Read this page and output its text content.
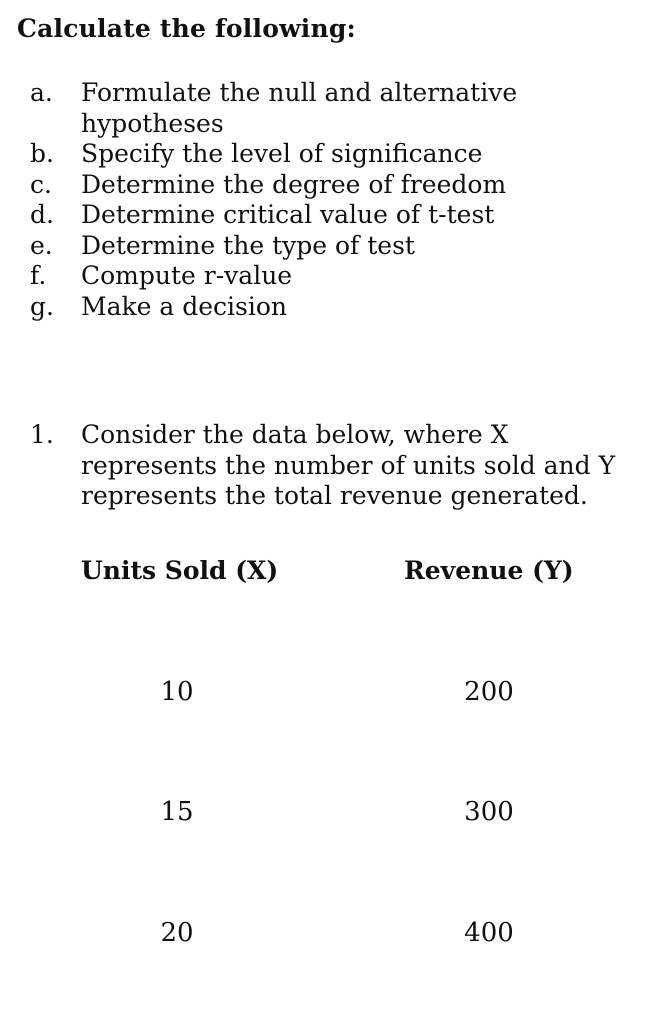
Calculate the following:
a.	Formulate the null and alternative hypotheses
b.	Specify the level of significance
c.	Determine the degree of freedom
d.	Determine critical value of t-test
e.	Determine the type of test
f.	Compute r-value
g.	Make a decision
1.	Consider the data below, where X represents the number of units sold and Y represents the total revenue generated.
Units Sold (X)	Revenue (Y)
10	200
15	300
20	400
